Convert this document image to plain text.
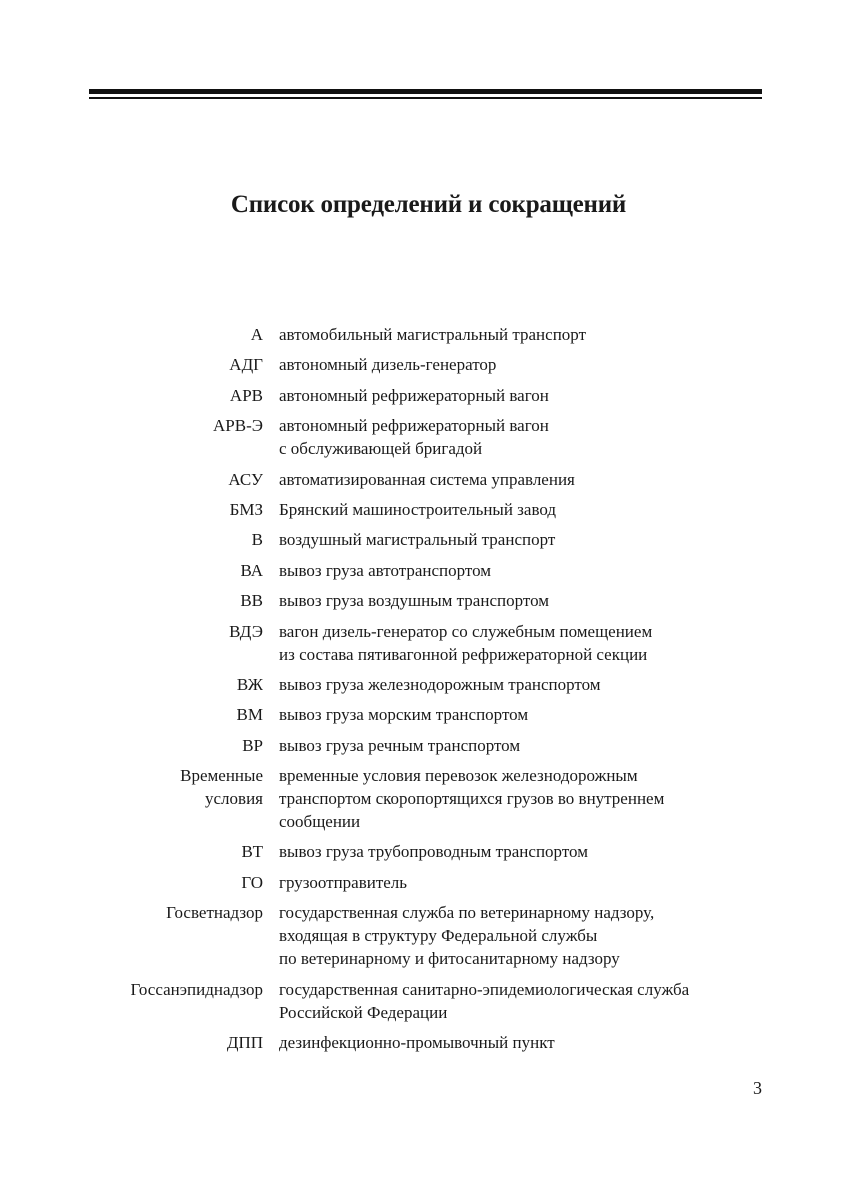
Список определений и сокращений
А автомобильный магистральный транспорт
АДГ автономный дизель-генератор
АРВ автономный рефрижераторный вагон
АРВ-Э автономный рефрижераторный вагон
с обслуживающей бригадой
АСУ автоматизированная система управления
БМЗ Брянский машиностроительный завод
В воздушный магистральный транспорт
ВА вывоз груза автотранспортом
ВВ вывоз груза воздушным транспортом
ВДЭ вагон дизель-генератор со служебным помещением
из состава пятивагонной рефрижераторной секции
ВЖ вывоз груза железнодорожным транспортом
ВМ вывоз груза морским транспортом
ВР вывоз груза речным транспортом
Временные
условия
временные условия перевозок железнодорожным
транспортом скоропортящихся грузов во внутреннем
сообщении
ВТ вывоз груза трубопроводным транспортом
ГО грузоотправитель
Госветнадзор государственная служба по ветеринарному надзору,
входящая в структуру Федеральной службы
по ветеринарному и фитосанитарному надзору
Госсанэпиднадзор государственная санитарно-эпидемиологическая служба
Российской Федерации
ДПП дезинфекционно-промывочный пункт
3
